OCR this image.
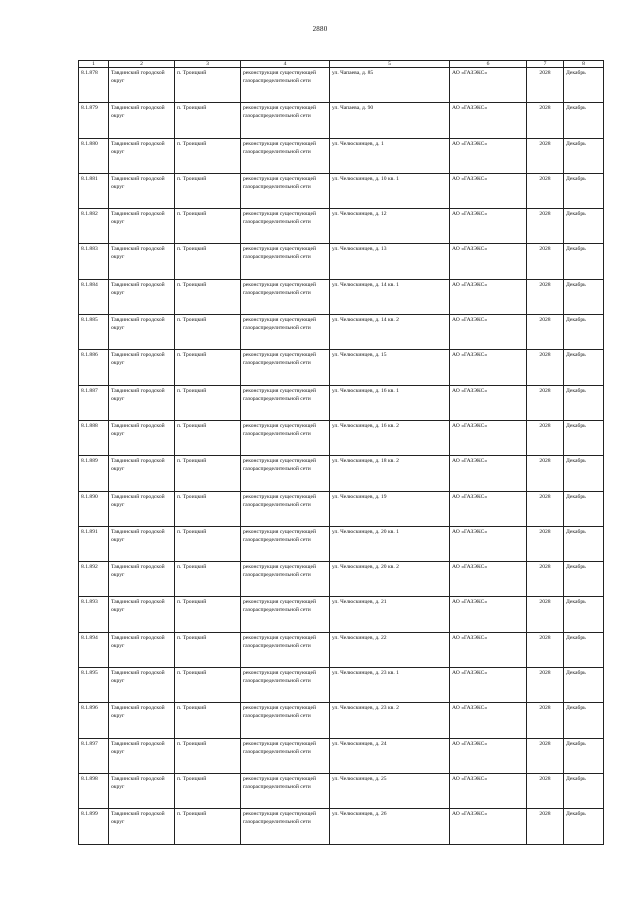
2880
1	2	3	4	5	6	7	8
8.1.878	Тавдинский городской округ	п. Троицкий	реконструкция существующей газораспределительной сети	ул. Чапаева, д. 85	АО «ГАЗЭКС»	2028	Декабрь
8.1.879	Тавдинский городской округ	п. Троицкий	реконструкция существующей газораспределительной сети	ул. Чапаева, д. 90	АО «ГАЗЭКС»	2028	Декабрь
8.1.880	Тавдинский городской округ	п. Троицкий	реконструкция существующей газораспределительной сети	ул. Челюскинцев, д. 1	АО «ГАЗЭКС»	2028	Декабрь
8.1.881	Тавдинский городской округ	п. Троицкий	реконструкция существующей газораспределительной сети	ул. Челюскинцев, д. 10 кв. 1	АО «ГАЗЭКС»	2028	Декабрь
8.1.882	Тавдинский городской округ	п. Троицкий	реконструкция существующей газораспределительной сети	ул. Челюскинцев, д. 12	АО «ГАЗЭКС»	2028	Декабрь
8.1.883	Тавдинский городской округ	п. Троицкий	реконструкция существующей газораспределительной сети	ул. Челюскинцев, д. 13	АО «ГАЗЭКС»	2028	Декабрь
8.1.884	Тавдинский городской округ	п. Троицкий	реконструкция существующей газораспределительной сети	ул. Челюскинцев, д. 14 кв. 1	АО «ГАЗЭКС»	2028	Декабрь
8.1.885	Тавдинский городской округ	п. Троицкий	реконструкция существующей газораспределительной сети	ул. Челюскинцев, д. 14 кв. 2	АО «ГАЗЭКС»	2028	Декабрь
8.1.886	Тавдинский городской округ	п. Троицкий	реконструкция существующей газораспределительной сети	ул. Челюскинцев, д. 15	АО «ГАЗЭКС»	2028	Декабрь
8.1.887	Тавдинский городской округ	п. Троицкий	реконструкция существующей газораспределительной сети	ул. Челюскинцев, д. 16 кв. 1	АО «ГАЗЭКС»	2028	Декабрь
8.1.888	Тавдинский городской округ	п. Троицкий	реконструкция существующей газораспределительной сети	ул. Челюскинцев, д. 16 кв. 2	АО «ГАЗЭКС»	2028	Декабрь
8.1.889	Тавдинский городской округ	п. Троицкий	реконструкция существующей газораспределительной сети	ул. Челюскинцев, д. 18 кв. 2	АО «ГАЗЭКС»	2028	Декабрь
8.1.890	Тавдинский городской округ	п. Троицкий	реконструкция существующей газораспределительной сети	ул. Челюскинцев, д. 19	АО «ГАЗЭКС»	2028	Декабрь
8.1.891	Тавдинский городской округ	п. Троицкий	реконструкция существующей газораспределительной сети	ул. Челюскинцев, д. 20 кв. 1	АО «ГАЗЭКС»	2028	Декабрь
8.1.892	Тавдинский городской округ	п. Троицкий	реконструкция существующей газораспределительной сети	ул. Челюскинцев, д. 20 кв. 2	АО «ГАЗЭКС»	2028	Декабрь
8.1.893	Тавдинский городской округ	п. Троицкий	реконструкция существующей газораспределительной сети	ул. Челюскинцев, д. 21	АО «ГАЗЭКС»	2028	Декабрь
8.1.894	Тавдинский городской округ	п. Троицкий	реконструкция существующей газораспределительной сети	ул. Челюскинцев, д. 22	АО «ГАЗЭКС»	2028	Декабрь
8.1.895	Тавдинский городской округ	п. Троицкий	реконструкция существующей газораспределительной сети	ул. Челюскинцев, д. 23 кв. 1	АО «ГАЗЭКС»	2028	Декабрь
8.1.896	Тавдинский городской округ	п. Троицкий	реконструкция существующей газораспределительной сети	ул. Челюскинцев, д. 23 кв. 2	АО «ГАЗЭКС»	2028	Декабрь
8.1.897	Тавдинский городской округ	п. Троицкий	реконструкция существующей газораспределительной сети	ул. Челюскинцев, д. 24	АО «ГАЗЭКС»	2028	Декабрь
8.1.898	Тавдинский городской округ	п. Троицкий	реконструкция существующей газораспределительной сети	ул. Челюскинцев, д. 25	АО «ГАЗЭКС»	2028	Декабрь
8.1.899	Тавдинский городской округ	п. Троицкий	реконструкция существующей газораспределительной сети	ул. Челюскинцев, д. 26	АО «ГАЗЭКС»	2028	Декабрь
